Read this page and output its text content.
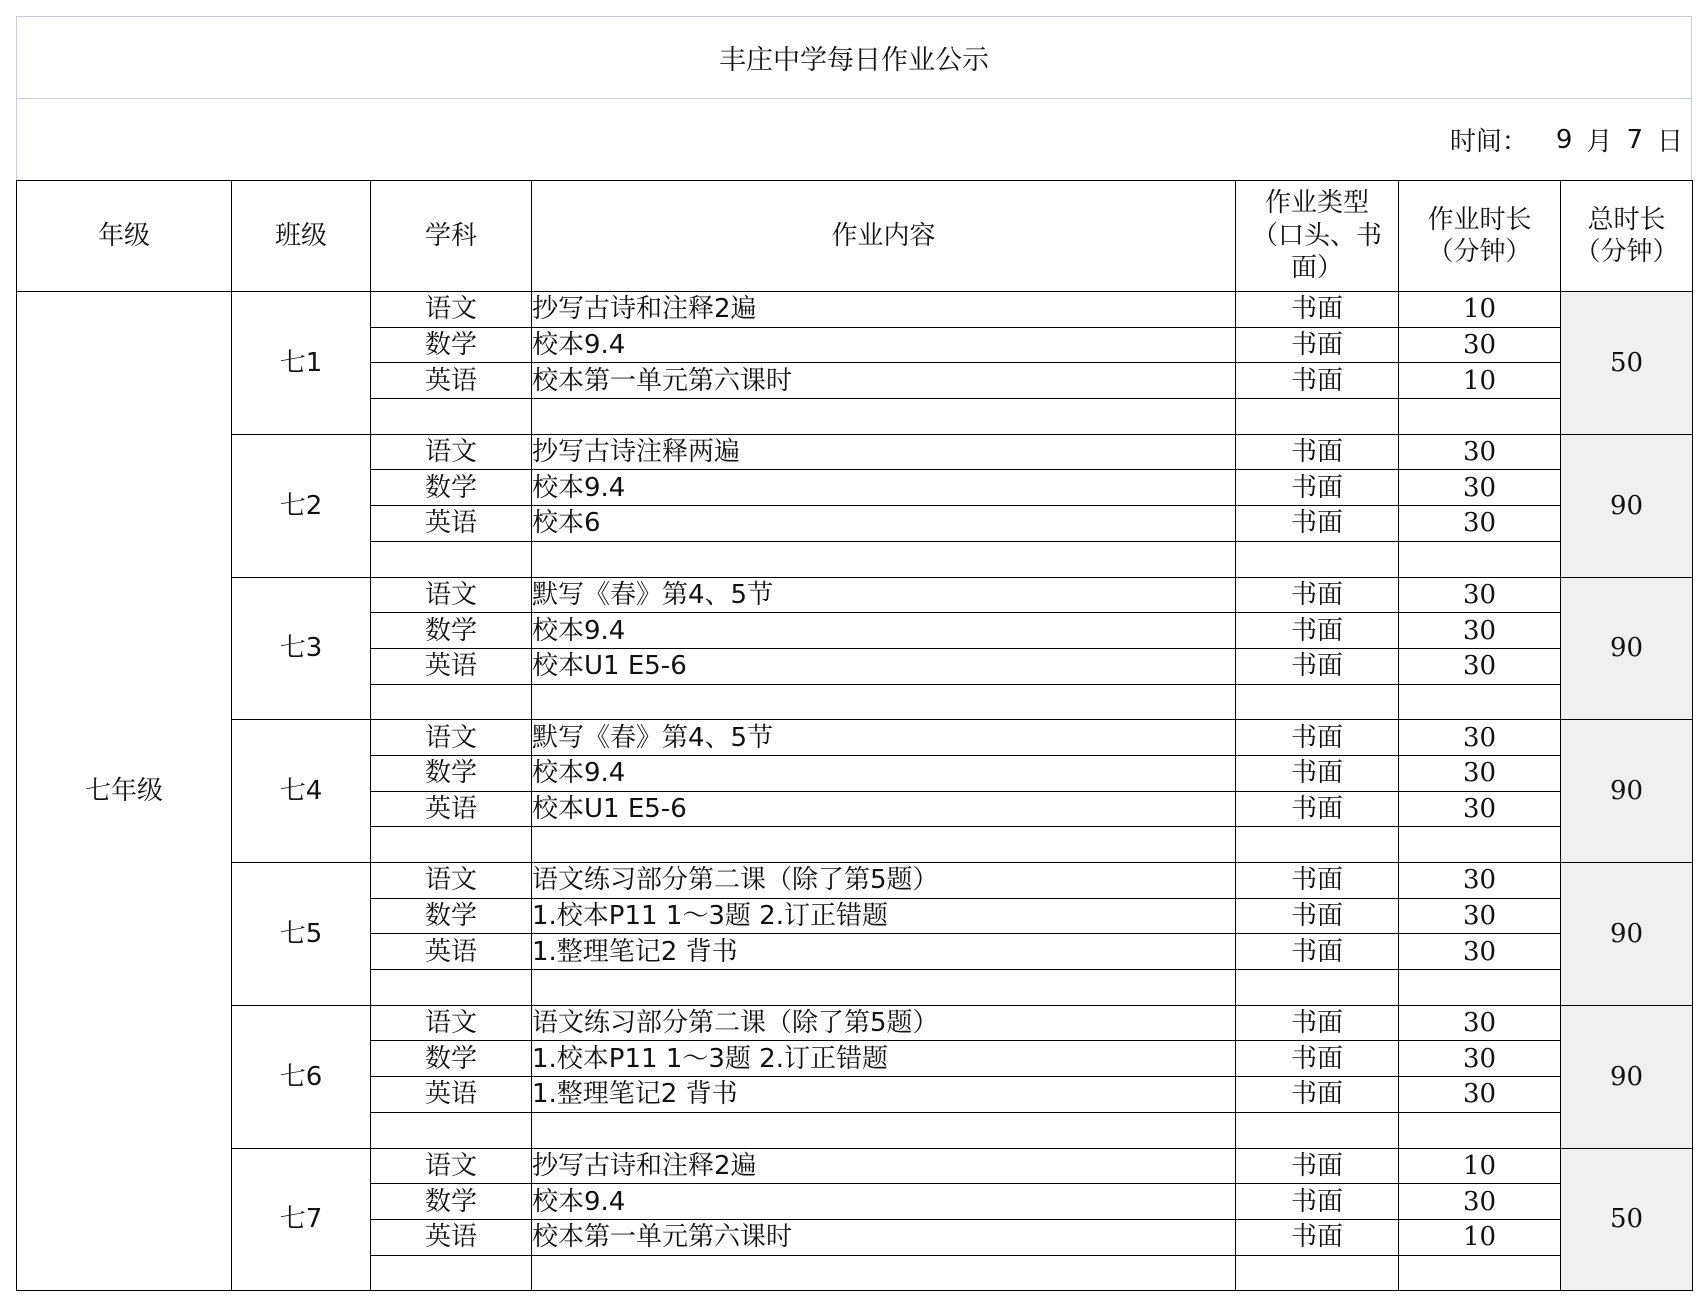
丰庄中学每日作业公示
时间： 9 月 7 日
年级	班级	学科	作业内容	作业类型（口头、书面）	作业时长（分钟）	总时长（分钟）
七年级	七1	语文	抄写古诗和注释2遍	书面	10	50
		数学	校本9.4	书面	30	
		英语	校本第一单元第六课时	书面	10	

	七2	语文	抄写古诗注释两遍	书面	30	90
		数学	校本9.4	书面	30	
		英语	校本6	书面	30	

	七3	语文	默写《春》第4、5节	书面	30	90
		数学	校本9.4	书面	30	
		英语	校本U1 E5-6	书面	30	

	七4	语文	默写《春》第4、5节	书面	30	90
		数学	校本9.4	书面	30	
		英语	校本U1 E5-6	书面	30	

	七5	语文	语文练习部分第二课（除了第5题）	书面	30	90
		数学	1.校本P11 1～3题 2.订正错题	书面	30	
		英语	1.整理笔记2 背书	书面	30	

	七6	语文	语文练习部分第二课（除了第5题）	书面	30	90
		数学	1.校本P11 1～3题 2.订正错题	书面	30	
		英语	1.整理笔记2 背书	书面	30	

	七7	语文	抄写古诗和注释2遍	书面	10	50
		数学	校本9.4	书面	30	
		英语	校本第一单元第六课时	书面	10	
